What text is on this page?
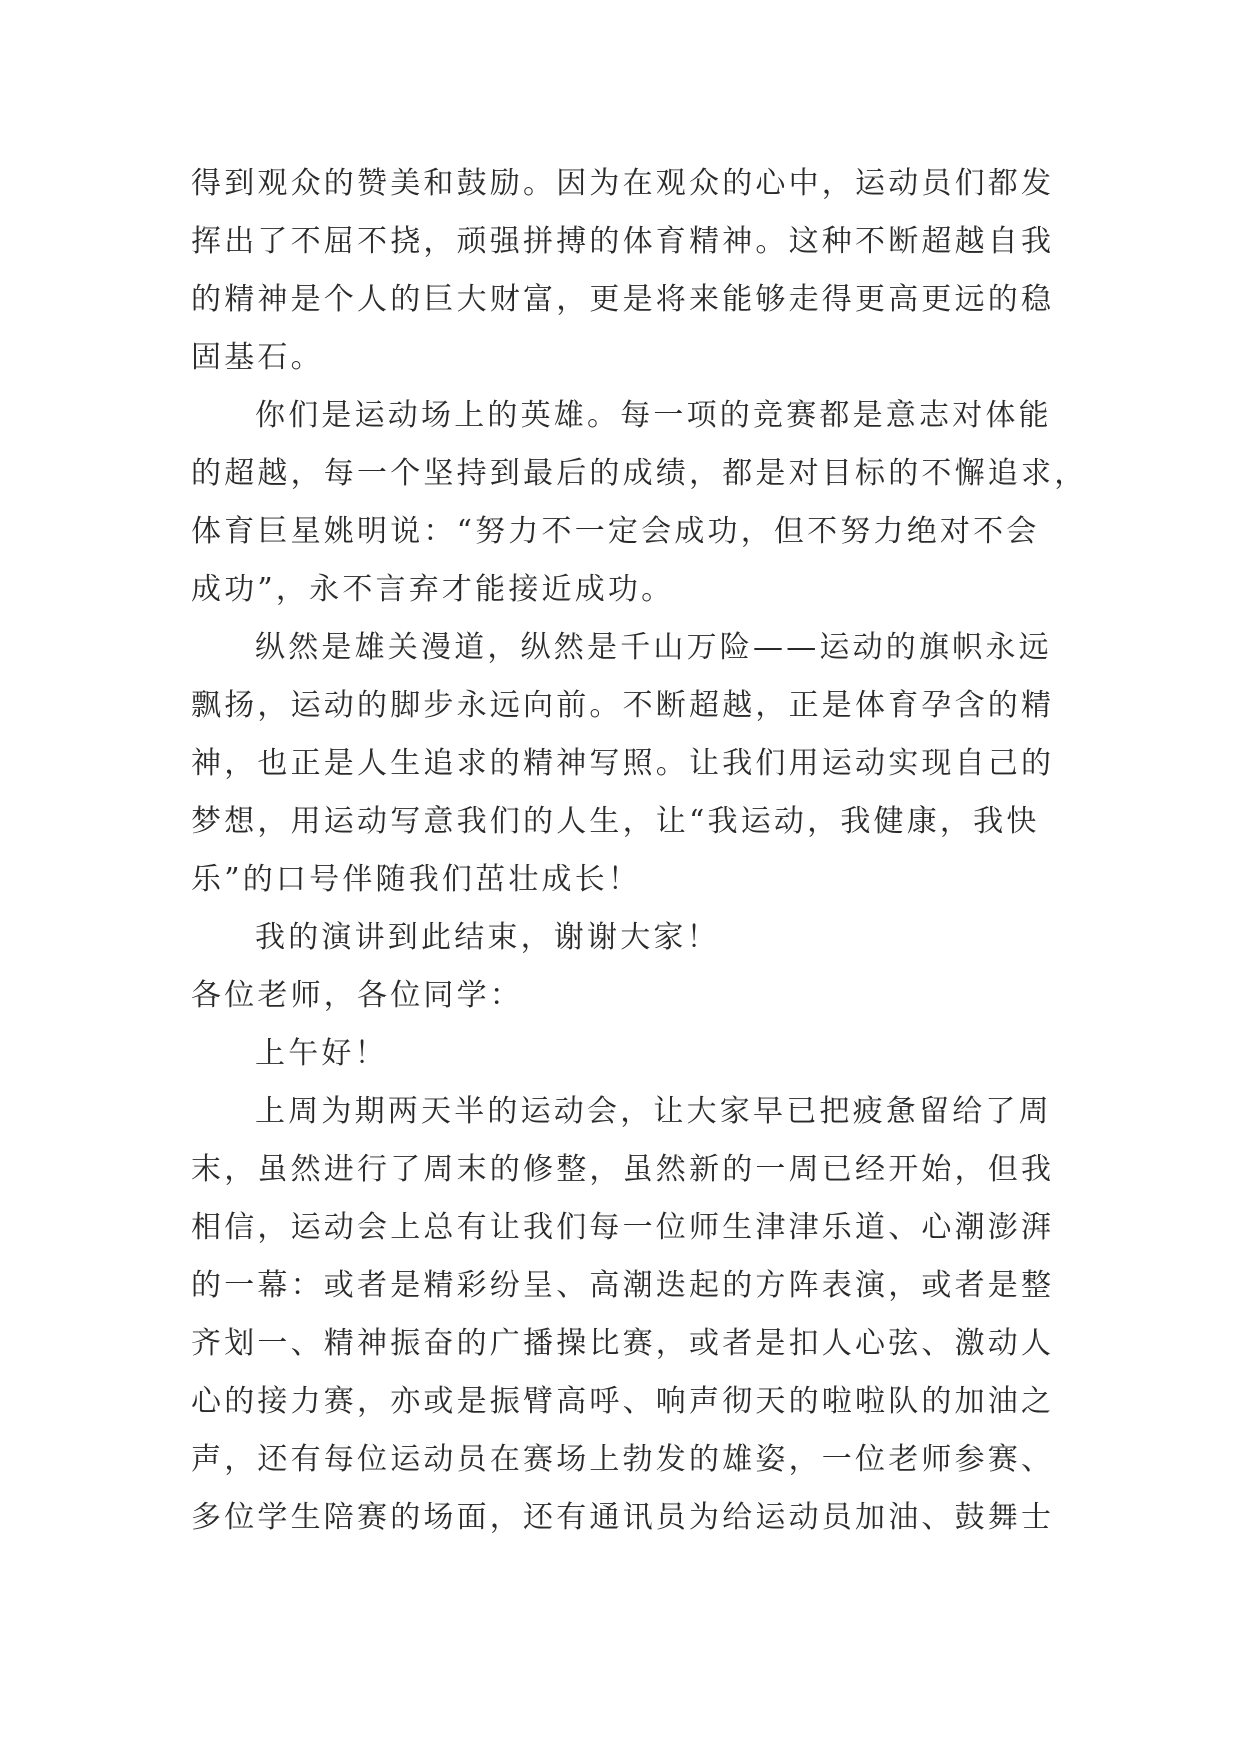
得到观众的赞美和鼓励。因为在观众的心中，运动员们都发
挥出了不屈不挠，顽强拼搏的体育精神。这种不断超越自我
的精神是个人的巨大财富，更是将来能够走得更高更远的稳
固基石。
你们是运动场上的英雄。每一项的竞赛都是意志对体能
的超越，每一个坚持到最后的成绩，都是对目标的不懈追求，
体育巨星姚明说：“努力不一定会成功，但不努力绝对不会
成功”，永不言弃才能接近成功。
纵然是雄关漫道，纵然是千山万险——运动的旗帜永远
飘扬，运动的脚步永远向前。不断超越，正是体育孕含的精
神，也正是人生追求的精神写照。让我们用运动实现自己的
梦想，用运动写意我们的人生，让“我运动，我健康，我快
乐”的口号伴随我们茁壮成长！
我的演讲到此结束，谢谢大家！
各位老师，各位同学：
上午好！
上周为期两天半的运动会，让大家早已把疲惫留给了周
末，虽然进行了周末的修整，虽然新的一周已经开始，但我
相信，运动会上总有让我们每一位师生津津乐道、心潮澎湃
的一幕：或者是精彩纷呈、高潮迭起的方阵表演，或者是整
齐划一、精神振奋的广播操比赛，或者是扣人心弦、激动人
心的接力赛，亦或是振臂高呼、响声彻天的啦啦队的加油之
声，还有每位运动员在赛场上勃发的雄姿，一位老师参赛、
多位学生陪赛的场面，还有通讯员为给运动员加油、鼓舞士
